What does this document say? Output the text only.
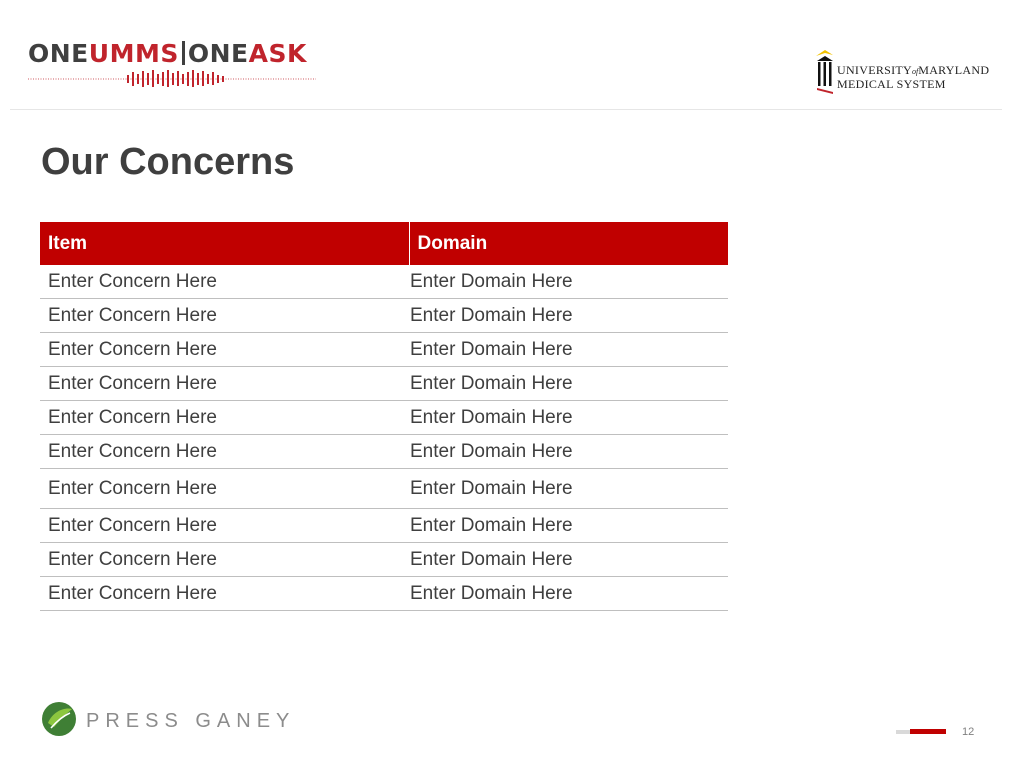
ONEUMMS ONEASK
UNIVERSITYofMARYLAND
MEDICAL SYSTEM
Our Concerns
Item	Domain
Enter Concern Here	Enter Domain Here
Enter Concern Here	Enter Domain Here
Enter Concern Here	Enter Domain Here
Enter Concern Here	Enter Domain Here
Enter Concern Here	Enter Domain Here
Enter Concern Here	Enter Domain Here
Enter Concern Here	Enter Domain Here
Enter Concern Here	Enter Domain Here
Enter Concern Here	Enter Domain Here
Enter Concern Here	Enter Domain Here
PRESS GANEY	12
